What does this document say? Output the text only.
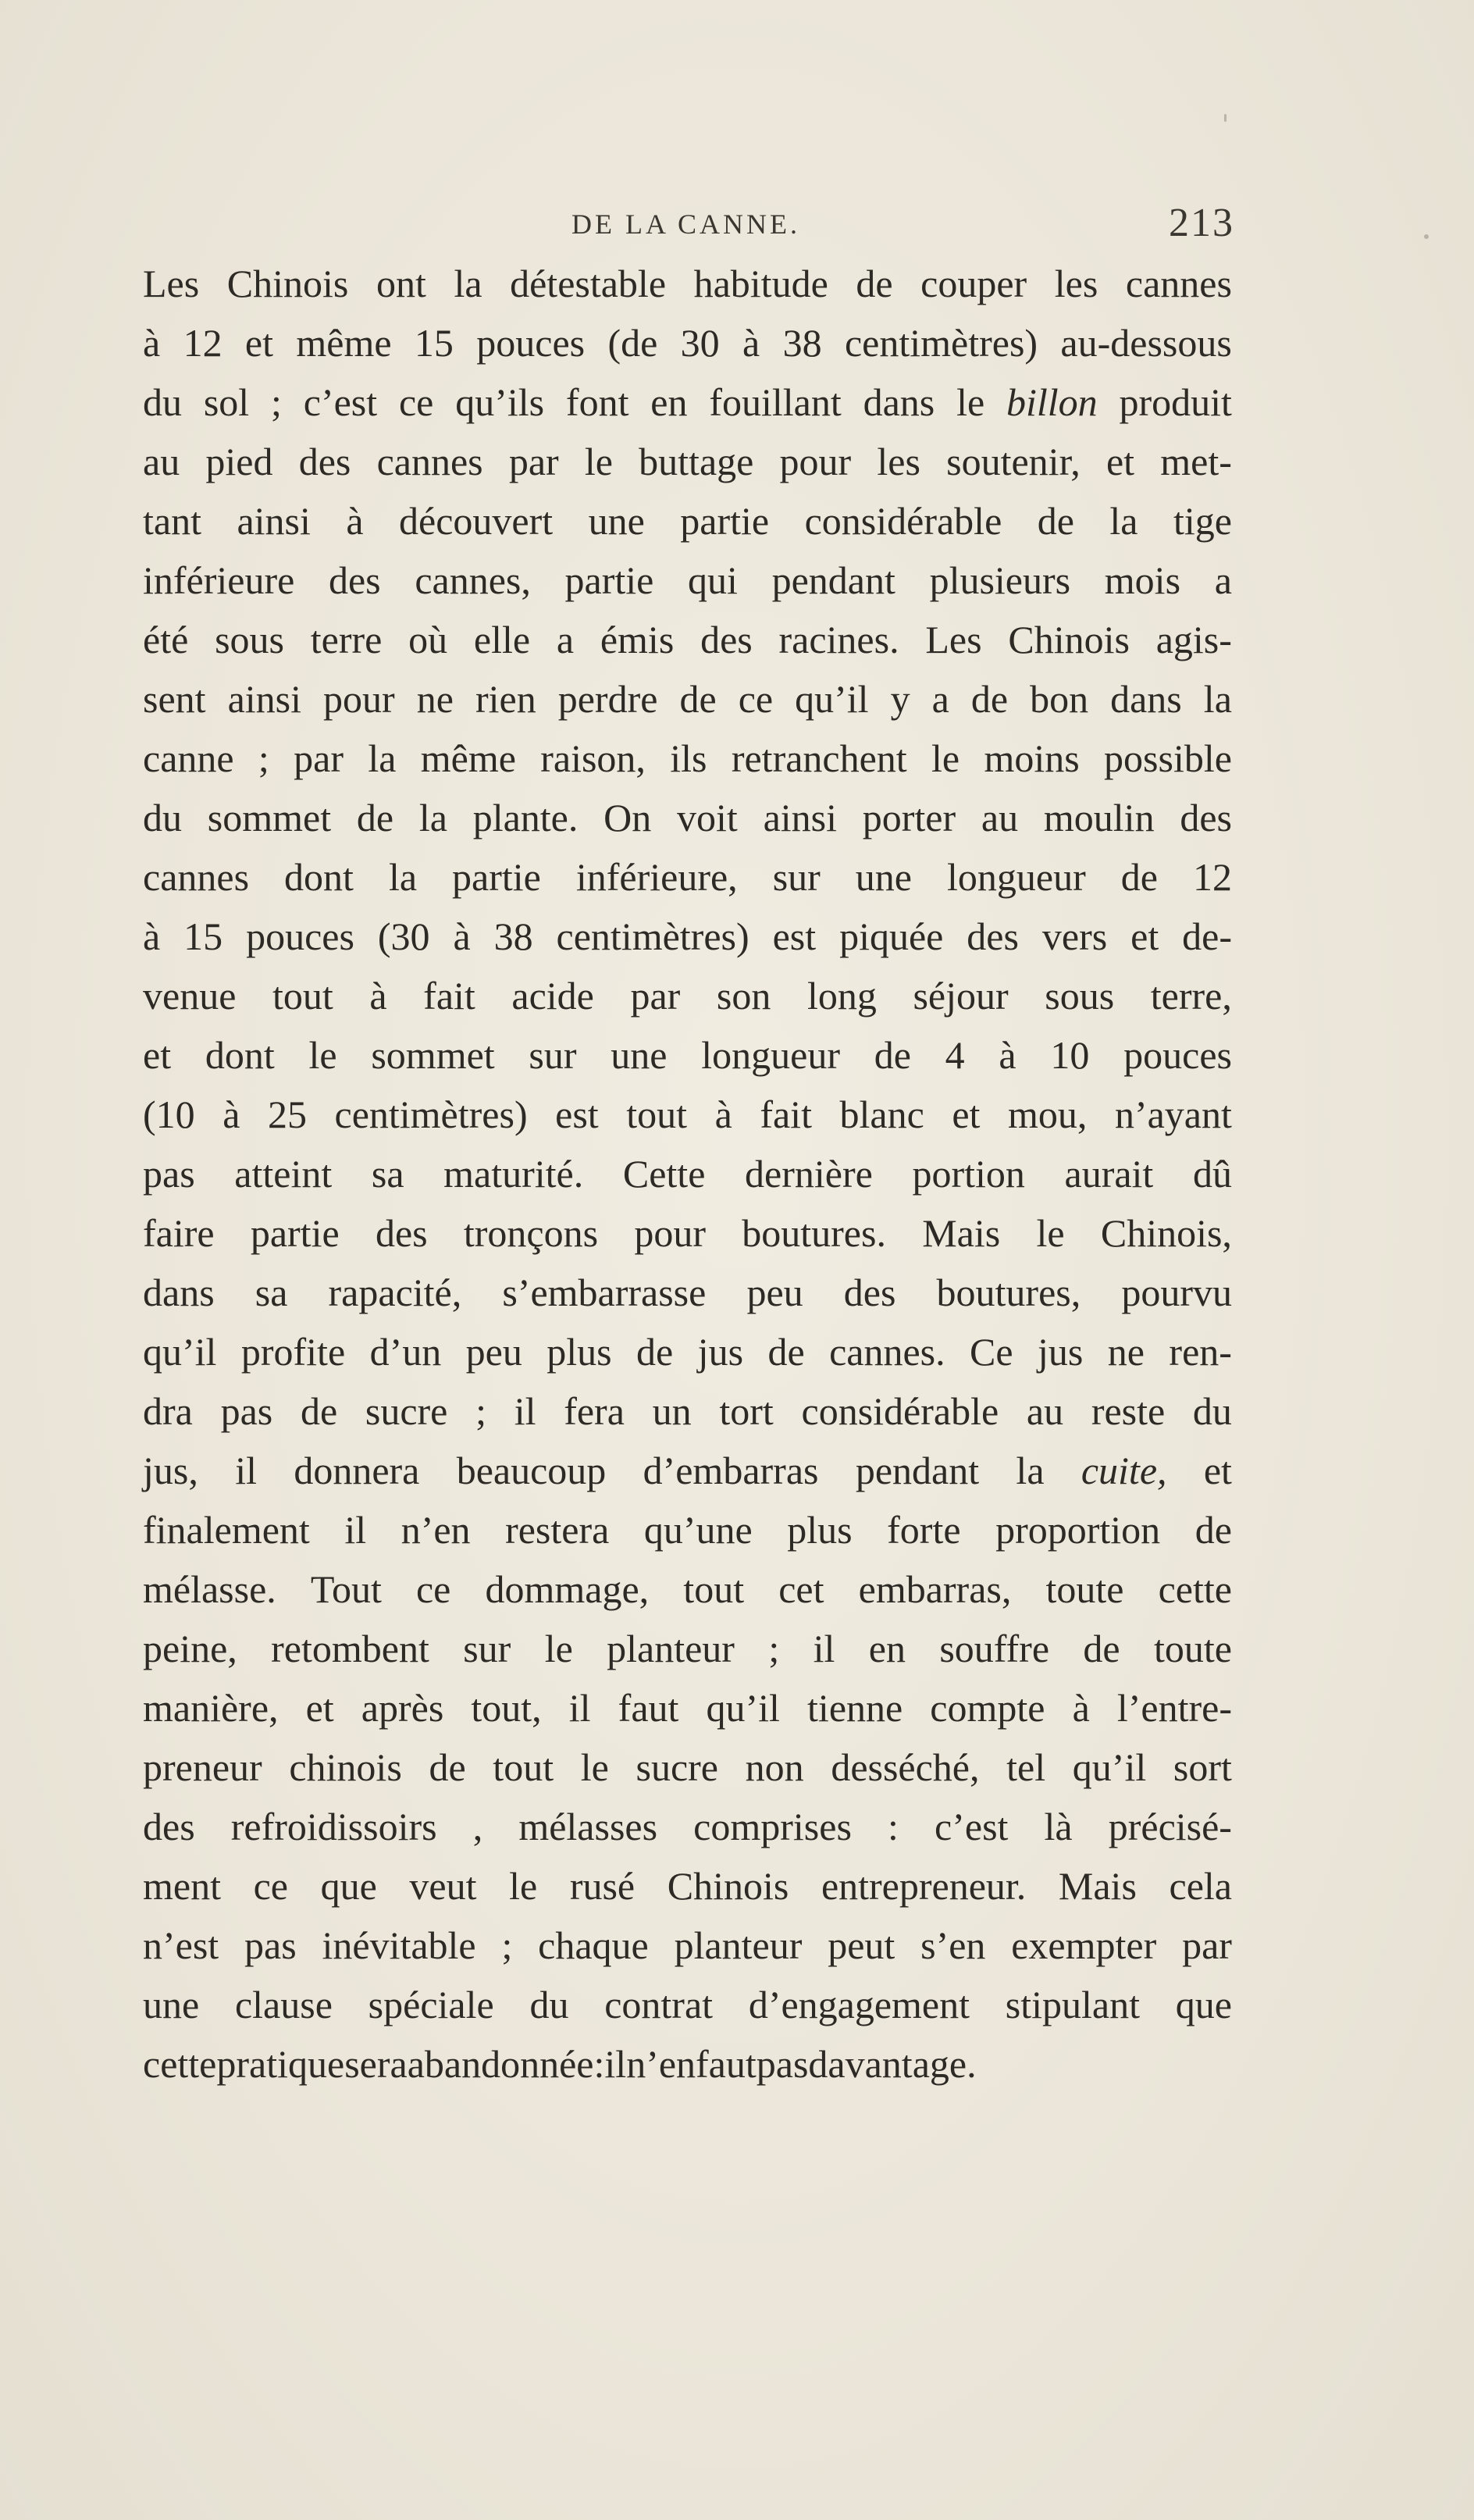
DE LA CANNE.	213
Les Chinois ont la détestable habitude de couper les cannes
à 12 et même 15 pouces (de 30 à 38 centimètres) au-dessous
du sol ; c’est ce qu’ils font en fouillant dans le billon produit
au pied des cannes par le buttage pour les soutenir, et met-
tant ainsi à découvert une partie considérable de la tige
inférieure des cannes, partie qui pendant plusieurs mois a
été sous terre où elle a émis des racines. Les Chinois agis-
sent ainsi pour ne rien perdre de ce qu’il y a de bon dans la
canne ; par la même raison, ils retranchent le moins possible
du sommet de la plante. On voit ainsi porter au moulin des
cannes dont la partie inférieure, sur une longueur de 12
à 15 pouces (30 à 38 centimètres) est piquée des vers et de-
venue tout à fait acide par son long séjour sous terre,
et dont le sommet sur une longueur de 4 à 10 pouces
(10 à 25 centimètres) est tout à fait blanc et mou, n’ayant
pas atteint sa maturité. Cette dernière portion aurait dû
faire partie des tronçons pour boutures. Mais le Chinois,
dans sa rapacité, s’embarrasse peu des boutures, pourvu
qu’il profite d’un peu plus de jus de cannes. Ce jus ne ren-
dra pas de sucre ; il fera un tort considérable au reste du
jus, il donnera beaucoup d’embarras pendant la cuite, et
finalement il n’en restera qu’une plus forte proportion de
mélasse. Tout ce dommage, tout cet embarras, toute cette
peine, retombent sur le planteur ; il en souffre de toute
manière, et après tout, il faut qu’il tienne compte à l’entre-
preneur chinois de tout le sucre non desséché, tel qu’il sort
des refroidissoirs , mélasses comprises : c’est là précisé-
ment ce que veut le rusé Chinois entrepreneur. Mais cela
n’est pas inévitable ; chaque planteur peut s’en exempter par
une clause spéciale du contrat d’engagement stipulant que
cette pratique sera abandonnée : il n’en faut pas davantage.
